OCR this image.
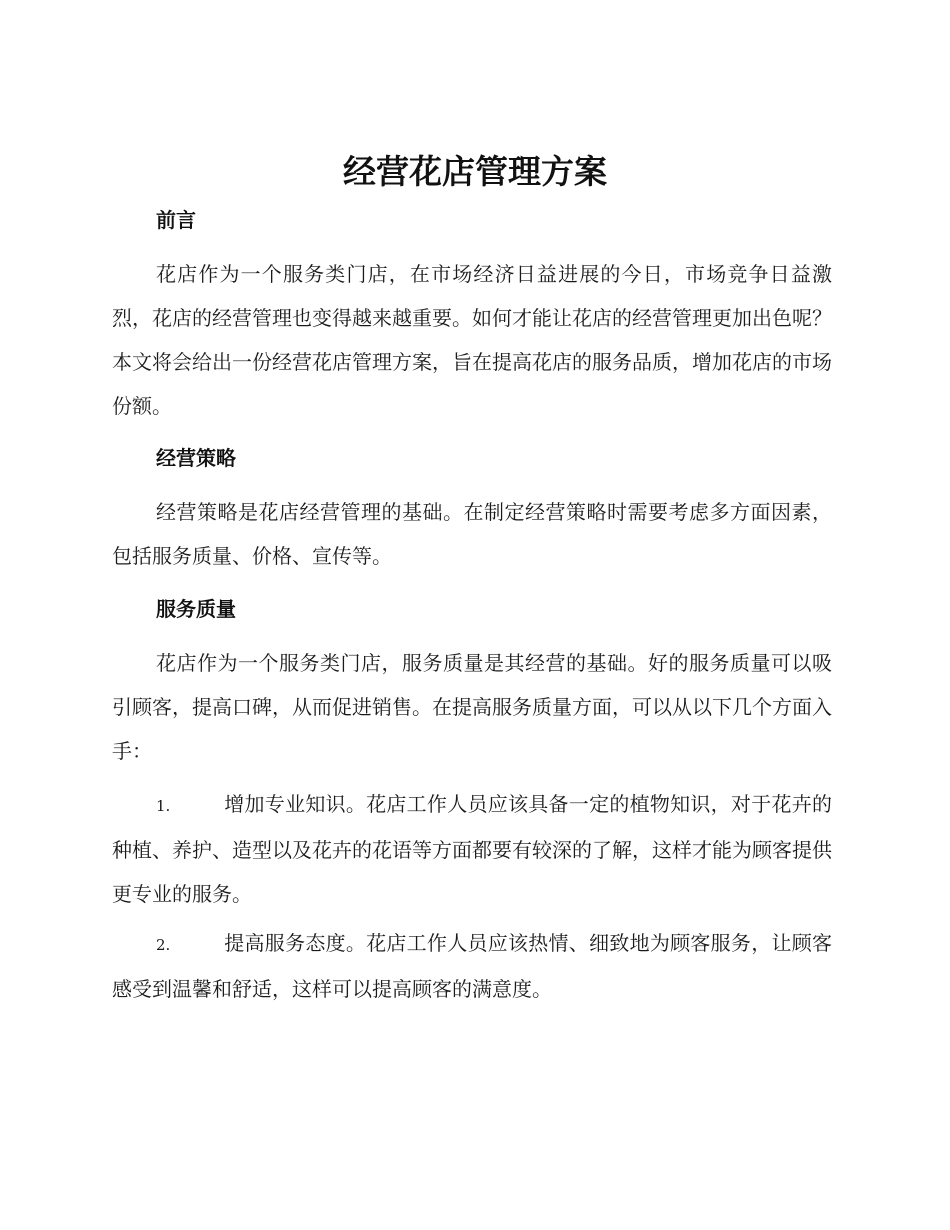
经营花店管理方案
前言

花店作为一个服务类门店，在市场经济日益进展的今日，市场竞争日益激烈，花店的经营管理也变得越来越重要。如何才能让花店的经营管理更加出色呢？本文将会给出一份经营花店管理方案，旨在提高花店的服务品质，增加花店的市场份额。

经营策略

经营策略是花店经营管理的基础。在制定经营策略时需要考虑多方面因素，包括服务质量、价格、宣传等。

服务质量

花店作为一个服务类门店，服务质量是其经营的基础。好的服务质量可以吸引顾客，提高口碑，从而促进销售。在提高服务质量方面，可以从以下几个方面入手：

1.	增加专业知识。花店工作人员应该具备一定的植物知识，对于花卉的种植、养护、造型以及花卉的花语等方面都要有较深的了解，这样才能为顾客提供更专业的服务。

2.	提高服务态度。花店工作人员应该热情、细致地为顾客服务，让顾客感受到温馨和舒适，这样可以提高顾客的满意度。
